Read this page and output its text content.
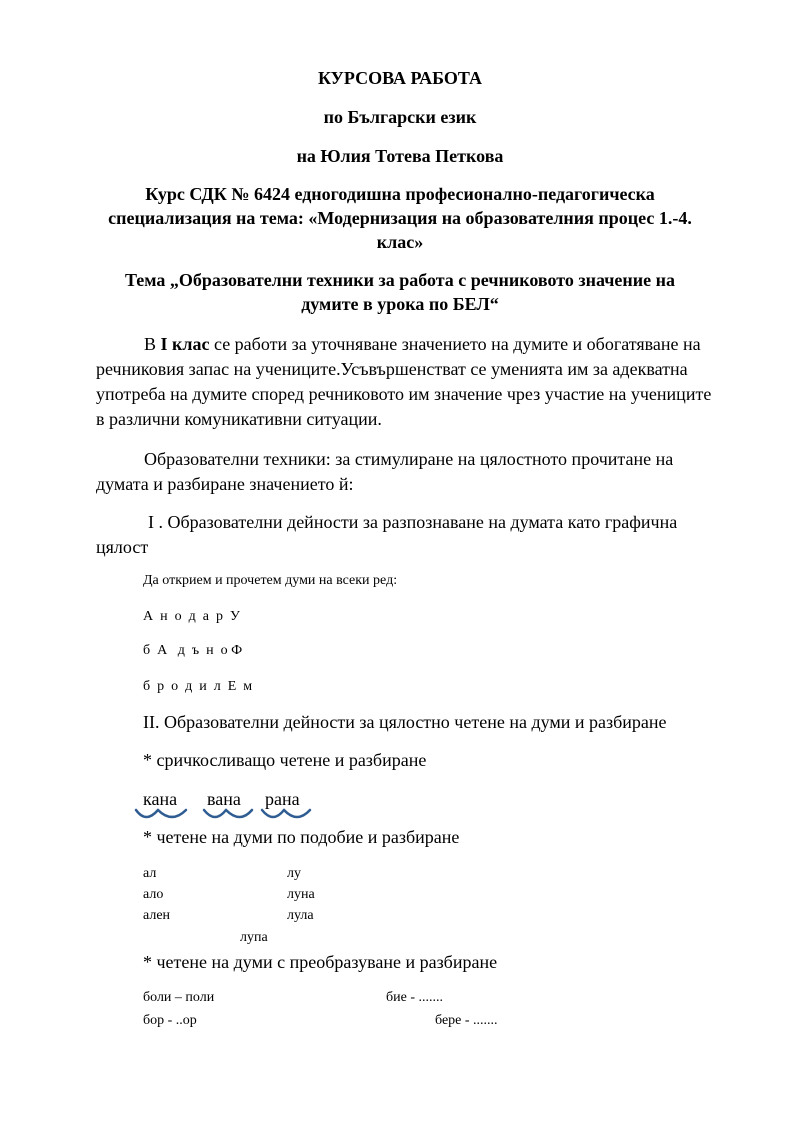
КУРСОВА РАБОТА
по Български език
на Юлия Тотева Петкова
Курс СДК № 6424 едногодишна професионално-педагогическа
специализация на тема: «Модернизация на образователния процес 1.-4.
клас»
Тема „Образователни техники за работа с речниковото значение на
думите в урока по БЕЛ“
В I клас се работи за уточняване значението на думите и обогатяване на
речниковия запас на учениците.Усъвършенстват се уменията им за адекватна
употреба на думите според речниковото им значение чрез участие на учениците
в различни комуникативни ситуации.
Образователни техники: за стимулиране на цялостното прочитане на
думата и разбиране значението й:
I . Образователни дейности за разпознаване на думата като графична
цялост
Да открием и прочетем думи на всеки ред:
А  н  о  д  а  р  У
б  А   д  ъ  н  о Ф
б  р  о  д  и  л  Е  м
II. Образователни дейности за цялостно четене на думи и разбиране
* сричкосливащо четене и разбиране
кана вана рана
* четене на думи по подобие и разбиране
ал
ало
ален
лу
луна
лула
лупа
* четене на думи с преобразуване и разбиране
боли – поли	бие - .......
бор - ..ор	бере - .......
